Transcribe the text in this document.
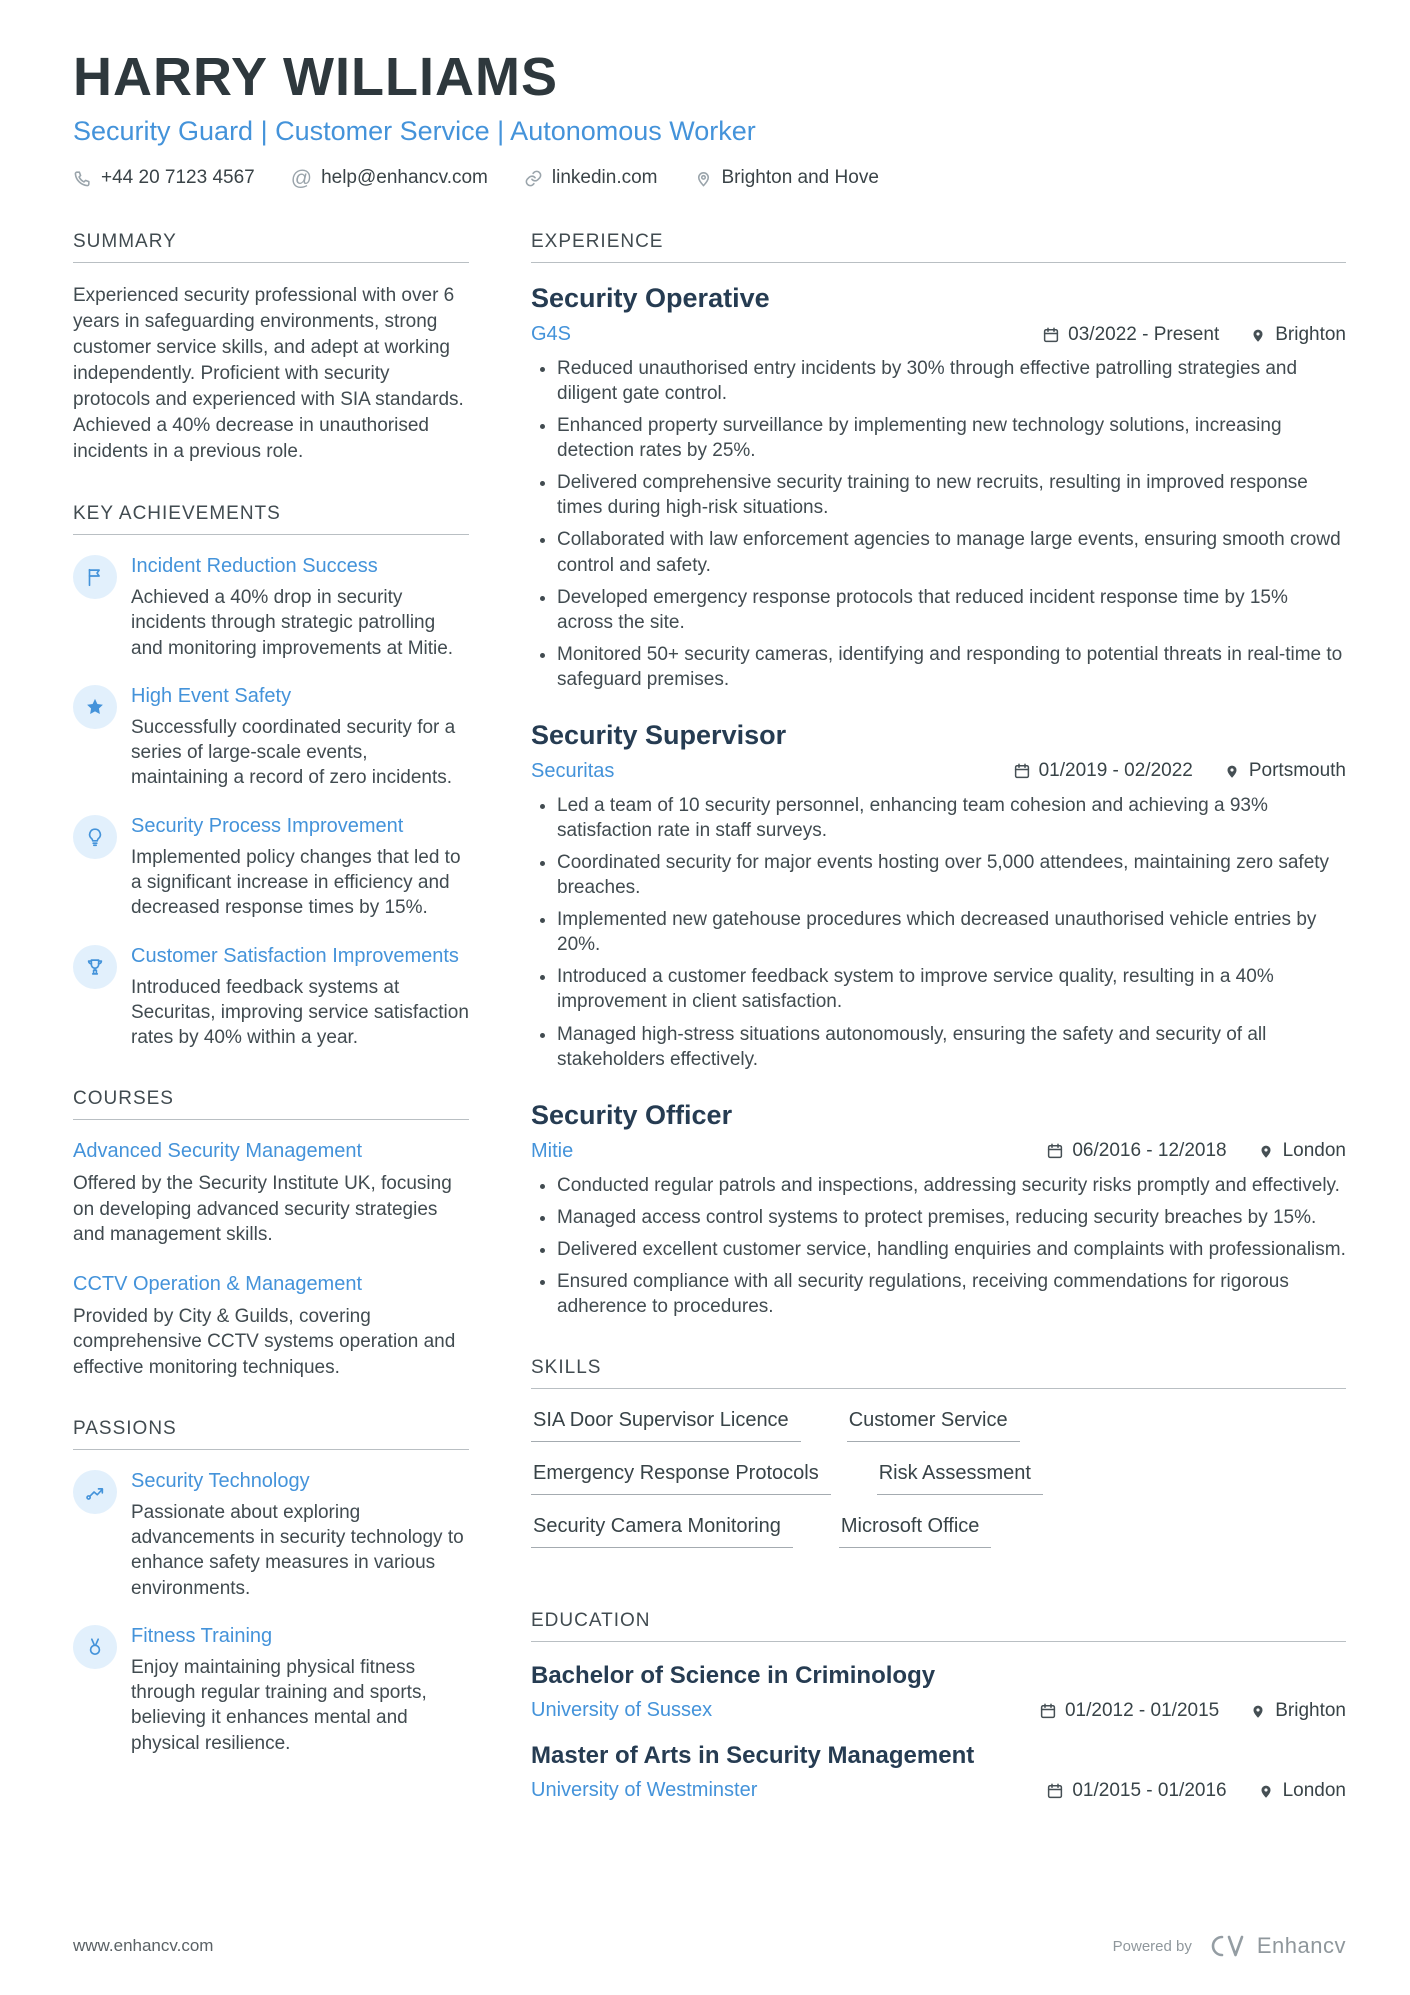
HARRY WILLIAMS
Security Guard | Customer Service | Autonomous Worker
+44 20 7123 4567 @ help@enhancv.com	linkedin.com	Brighton and Hove
SUMMARY

Experienced security professional with over 6 years in safeguarding environments, strong customer service skills, and adept at working independently. Proficient with security protocols and experienced with SIA standards. Achieved a 40% decrease in unauthorised incidents in a previous role.

KEY ACHIEVEMENTS
Incident Reduction Success
Achieved a 40% drop in security incidents through strategic patrolling and monitoring improvements at Mitie.
High Event Safety
Successfully coordinated security for a series of large-scale events, maintaining a record of zero incidents.
Security Process Improvement
Implemented policy changes that led to a significant increase in efficiency and decreased response times by 15%.
Customer Satisfaction Improvements
Introduced feedback systems at Securitas, improving service satisfaction rates by 40% within a year.
COURSES
Advanced Security Management
Offered by the Security Institute UK, focusing on developing advanced security strategies and management skills.
CCTV Operation & Management
Provided by City & Guilds, covering comprehensive CCTV systems operation and effective monitoring techniques.
PASSIONS
Security Technology
Passionate about exploring advancements in security technology to enhance safety measures in various environments.
Fitness Training
Enjoy maintaining physical fitness through regular training and sports, believing it enhances mental and physical resilience.
EXPERIENCE
Security Operative
G4S	03/2022 - Present	Brighton
• Reduced unauthorised entry incidents by 30% through effective patrolling strategies and diligent gate control.
• Enhanced property surveillance by implementing new technology solutions, increasing detection rates by 25%.
• Delivered comprehensive security training to new recruits, resulting in improved response times during high-risk situations.
• Collaborated with law enforcement agencies to manage large events, ensuring smooth crowd control and safety.
• Developed emergency response protocols that reduced incident response time by 15% across the site.
• Monitored 50+ security cameras, identifying and responding to potential threats in real-time to safeguard premises.
Security Supervisor
Securitas	01/2019 - 02/2022	Portsmouth
• Led a team of 10 security personnel, enhancing team cohesion and achieving a 93% satisfaction rate in staff surveys.
• Coordinated security for major events hosting over 5,000 attendees, maintaining zero safety breaches.
• Implemented new gatehouse procedures which decreased unauthorised vehicle entries by 20%.
• Introduced a customer feedback system to improve service quality, resulting in a 40% improvement in client satisfaction.
• Managed high-stress situations autonomously, ensuring the safety and security of all stakeholders effectively.
Security Officer
Mitie	06/2016 - 12/2018	London
• Conducted regular patrols and inspections, addressing security risks promptly and effectively.
• Managed access control systems to protect premises, reducing security breaches by 15%.
• Delivered excellent customer service, handling enquiries and complaints with professionalism.
• Ensured compliance with all security regulations, receiving commendations for rigorous adherence to procedures.
SKILLS
SIA Door Supervisor Licence	Customer Service
Emergency Response Protocols	Risk Assessment
Security Camera Monitoring	Microsoft Office
EDUCATION
Bachelor of Science in Criminology
University of Sussex	01/2012 - 01/2015	Brighton
Master of Arts in Security Management
University of Westminster	01/2015 - 01/2016	London
www.enhancv.com	Powered by	Enhancv
